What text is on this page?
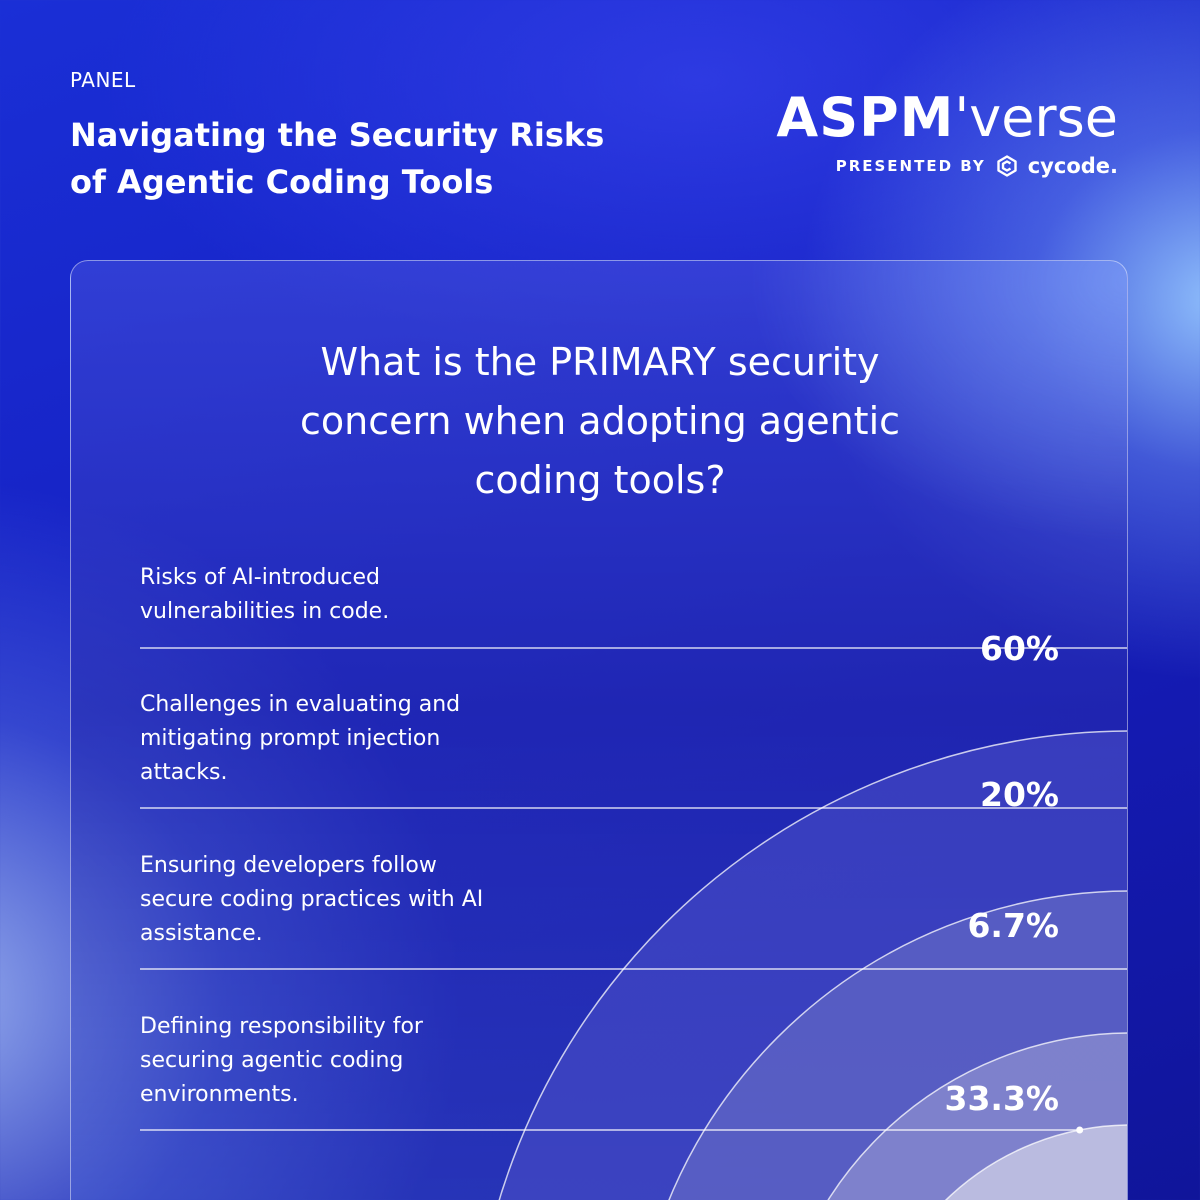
PANEL
Navigating the Security Risks of Agentic Coding Tools
ASPM'verse
PRESENTED BY cycode.
What is the PRIMARY security
concern when adopting agentic
coding tools?
Risks of AI-introduced vulnerabilities in code.
Challenges in evaluating and mitigating prompt injection attacks.
Ensuring developers follow secure coding practices with AI assistance.
Defining responsibility for securing agentic coding environments.
60%
20%
6.7%
33.3%
